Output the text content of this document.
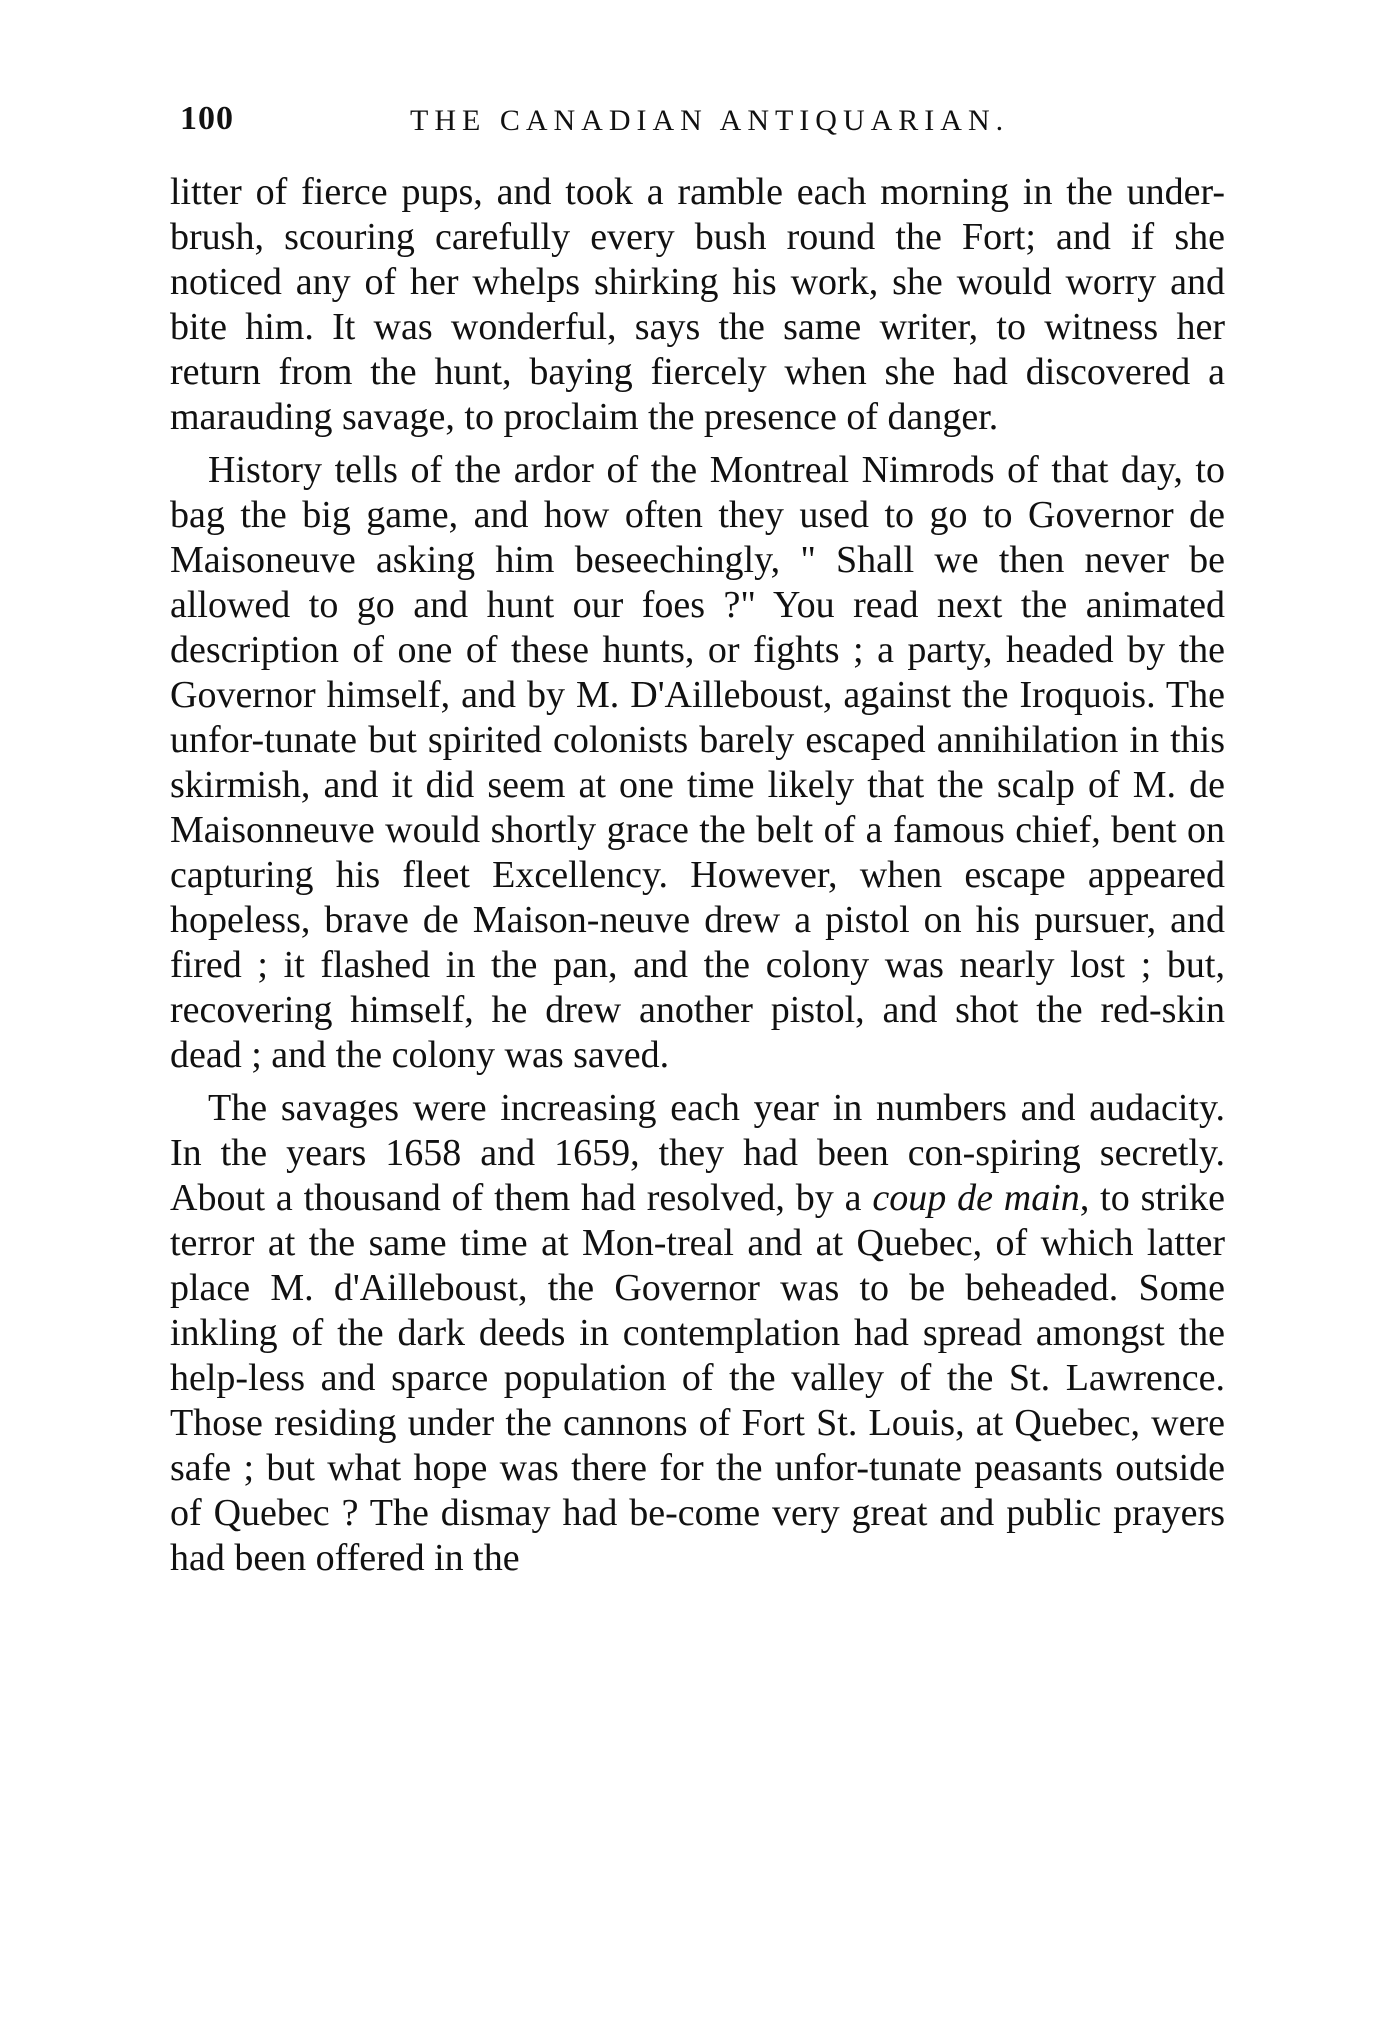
100	THE CANADIAN ANTIQUARIAN.

litter of fierce pups, and took a ramble each morning in the under-brush, scouring carefully every bush round the Fort; and if she noticed any of her whelps shirking his work, she would worry and bite him. It was wonderful, says the same writer, to witness her return from the hunt, baying fiercely when she had discovered a marauding savage, to proclaim the presence of danger.

History tells of the ardor of the Montreal Nimrods of that day, to bag the big game, and how often they used to go to Governor de Maisoneuve asking him beseechingly, " Shall we then never be allowed to go and hunt our foes ?" You read next the animated description of one of these hunts, or fights ; a party, headed by the Governor himself, and by M. D'Ailleboust, against the Iroquois. The unfor-tunate but spirited colonists barely escaped annihilation in this skirmish, and it did seem at one time likely that the scalp of M. de Maisonneuve would shortly grace the belt of a famous chief, bent on capturing his fleet Excellency. However, when escape appeared hopeless, brave de Maison-neuve drew a pistol on his pursuer, and fired ; it flashed in the pan, and the colony was nearly lost ; but, recovering himself, he drew another pistol, and shot the red-skin dead ; and the colony was saved.

The savages were increasing each year in numbers and audacity. In the years 1658 and 1659, they had been con-spiring secretly. About a thousand of them had resolved, by a coup de main, to strike terror at the same time at Mon-treal and at Quebec, of which latter place M. d'Ailleboust, the Governor was to be beheaded. Some inkling of the dark deeds in contemplation had spread amongst the help-less and sparce population of the valley of the St. Lawrence. Those residing under the cannons of Fort St. Louis, at Quebec, were safe ; but what hope was there for the unfor-tunate peasants outside of Quebec ? The dismay had be-come very great and public prayers had been offered in the
